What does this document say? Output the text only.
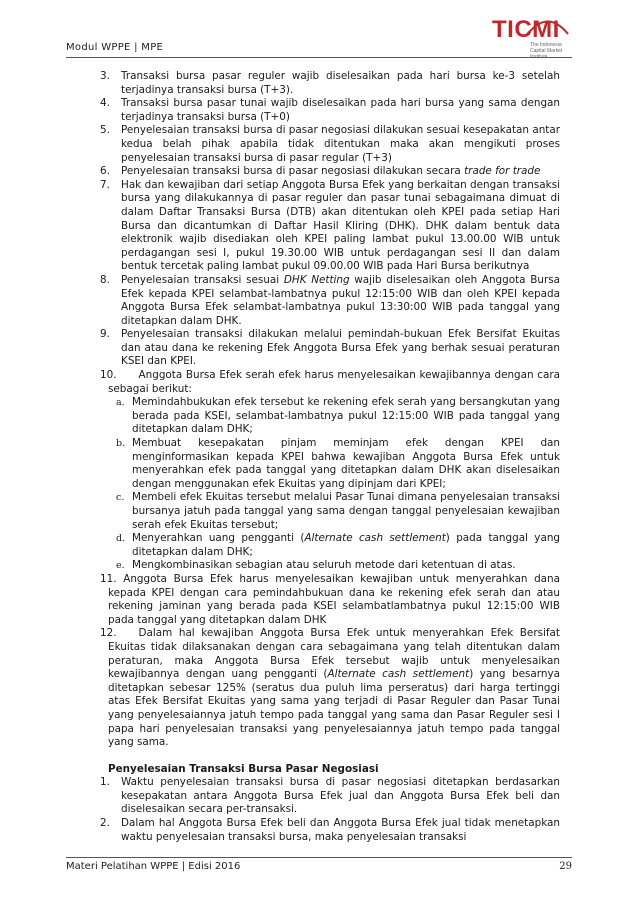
Modul WPPE | MPE
TICMI
The Indonesia
Capital Market Institute
3. Transaksi bursa pasar reguler wajib diselesaikan pada hari bursa ke-3 setelah terjadinya transaksi bursa (T+3).
4. Transaksi bursa pasar tunai wajib diselesaikan pada hari bursa yang sama dengan terjadinya transaksi bursa (T+0)
5. Penyelesaian transaksi bursa di pasar negosiasi dilakukan sesuai kesepakatan antar kedua belah pihak apabila tidak ditentukan maka akan mengikuti proses penyelesaian transaksi bursa di pasar regular (T+3)
6. Penyelesaian transaksi bursa di pasar negosiasi dilakukan secara trade for trade
7. Hak dan kewajiban dari setiap Anggota Bursa Efek yang berkaitan dengan transaksi bursa yang dilakukannya di pasar reguler dan pasar tunai sebagaimana dimuat di dalam Daftar Transaksi Bursa (DTB) akan ditentukan oleh KPEI pada setiap Hari Bursa dan dicantumkan di Daftar Hasil Kliring (DHK). DHK dalam bentuk data elektronik wajib disediakan oleh KPEI paling lambat pukul 13.00.00 WIB untuk perdagangan sesi I, pukul 19.30.00 WIB untuk perdagangan sesi II dan dalam bentuk tercetak paling lambat pukul 09.00.00 WIB pada Hari Bursa berikutnya
8. Penyelesaian transaksi sesuai DHK Netting wajib diselesaikan oleh Anggota Bursa Efek kepada KPEI selambat-lambatnya pukul 12:15:00 WIB dan oleh KPEI kepada Anggota Bursa Efek selambat-lambatnya pukul 13:30:00 WIB pada tanggal yang ditetapkan dalam DHK.
9. Penyelesaian transaksi dilakukan melalui pemindah-bukuan Efek Bersifat Ekuitas dan atau dana ke rekening Efek Anggota Bursa Efek yang berhak sesuai peraturan KSEI dan KPEI.
10. Anggota Bursa Efek serah efek harus menyelesaikan kewajibannya dengan cara sebagai berikut:
a. Memindahbukukan efek tersebut ke rekening efek serah yang bersangkutan yang berada pada KSEI, selambat-lambatnya pukul 12:15:00 WIB pada tanggal yang ditetapkan dalam DHK;
b. Membuat kesepakatan pinjam meminjam efek dengan KPEI dan menginformasikan kepada KPEI bahwa kewajiban Anggota Bursa Efek untuk menyerahkan efek pada tanggal yang ditetapkan dalam DHK akan diselesaikan dengan menggunakan efek Ekuitas yang dipinjam dari KPEI;
c. Membeli efek Ekuitas tersebut melalui Pasar Tunai dimana penyelesaian transaksi bursanya jatuh pada tanggal yang sama dengan tanggal penyelesaian kewajiban serah efek Ekuitas tersebut;
d. Menyerahkan uang pengganti (Alternate cash settlement) pada tanggal yang ditetapkan dalam DHK;
e. Mengkombinasikan sebagian atau seluruh metode dari ketentuan di atas.
11. Anggota Bursa Efek harus menyelesaikan kewajiban untuk menyerahkan dana kepada KPEI dengan cara pemindahbukuan dana ke rekening efek serah dan atau rekening jaminan yang berada pada KSEI selambatlambatnya pukul 12:15:00 WIB pada tanggal yang ditetapkan dalam DHK
12. Dalam hal kewajiban Anggota Bursa Efek untuk menyerahkan Efek Bersifat Ekuitas tidak dilaksanakan dengan cara sebagaimana yang telah ditentukan dalam peraturan, maka Anggota Bursa Efek tersebut wajib untuk menyelesaikan kewajibannya dengan uang pengganti (Alternate cash settlement) yang besarnya ditetapkan sebesar 125% (seratus dua puluh lima perseratus) dari harga tertinggi atas Efek Bersifat Ekuitas yang sama yang terjadi di Pasar Reguler dan Pasar Tunai yang penyelesaiannya jatuh tempo pada tanggal yang sama dan Pasar Reguler sesi I papa hari penyelesaian transaksi yang penyelesaiannya jatuh tempo pada tanggal yang sama.
Penyelesaian Transaksi Bursa Pasar Negosiasi
1. Waktu penyelesaian transaksi bursa di pasar negosiasi ditetapkan berdasarkan kesepakatan antara Anggota Bursa Efek jual dan Anggota Bursa Efek beli dan diselesaikan secara per-transaksi.
2. Dalam hal Anggota Bursa Efek beli dan Anggota Bursa Efek jual tidak menetapkan waktu penyelesaian transaksi bursa, maka penyelesaian transaksi
Materi Pelatihan WPPE | Edisi 2016	29
